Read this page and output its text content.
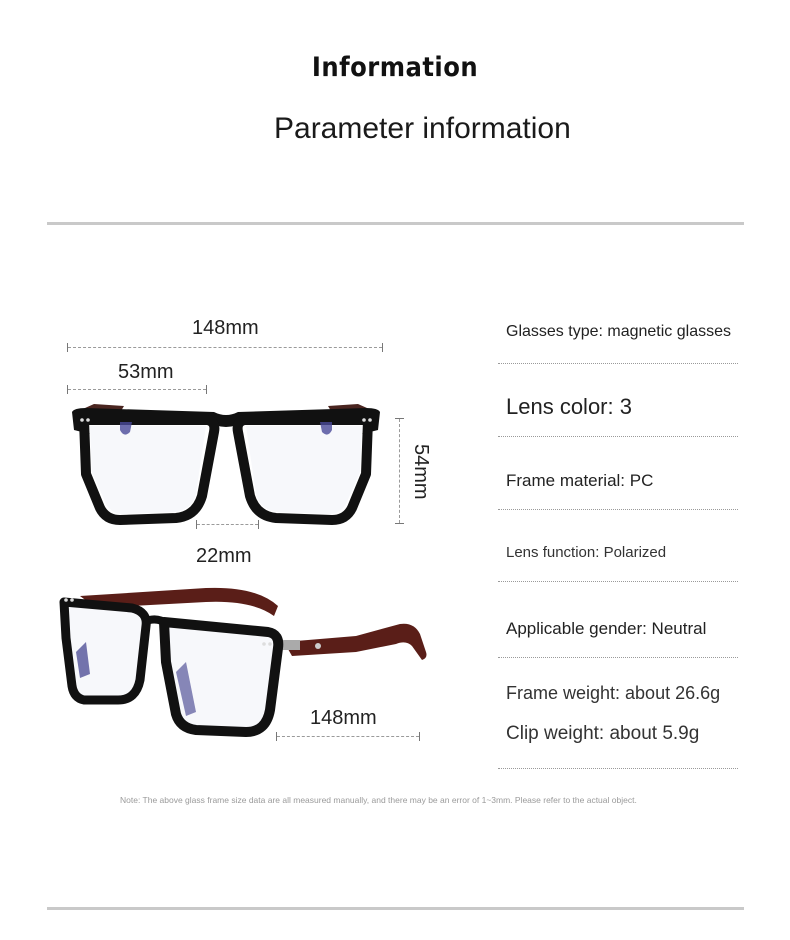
Information
Parameter information
148mm
53mm
54mm
22mm
148mm
Glasses type: magnetic glasses
Lens color: 3
Frame material: PC
Lens function: Polarized
Applicable gender: Neutral
Frame weight: about 26.6g
Clip weight: about 5.9g
Note: The above glass frame size data are all measured manually, and there may be an error of 1~3mm. Please refer to the actual object.
